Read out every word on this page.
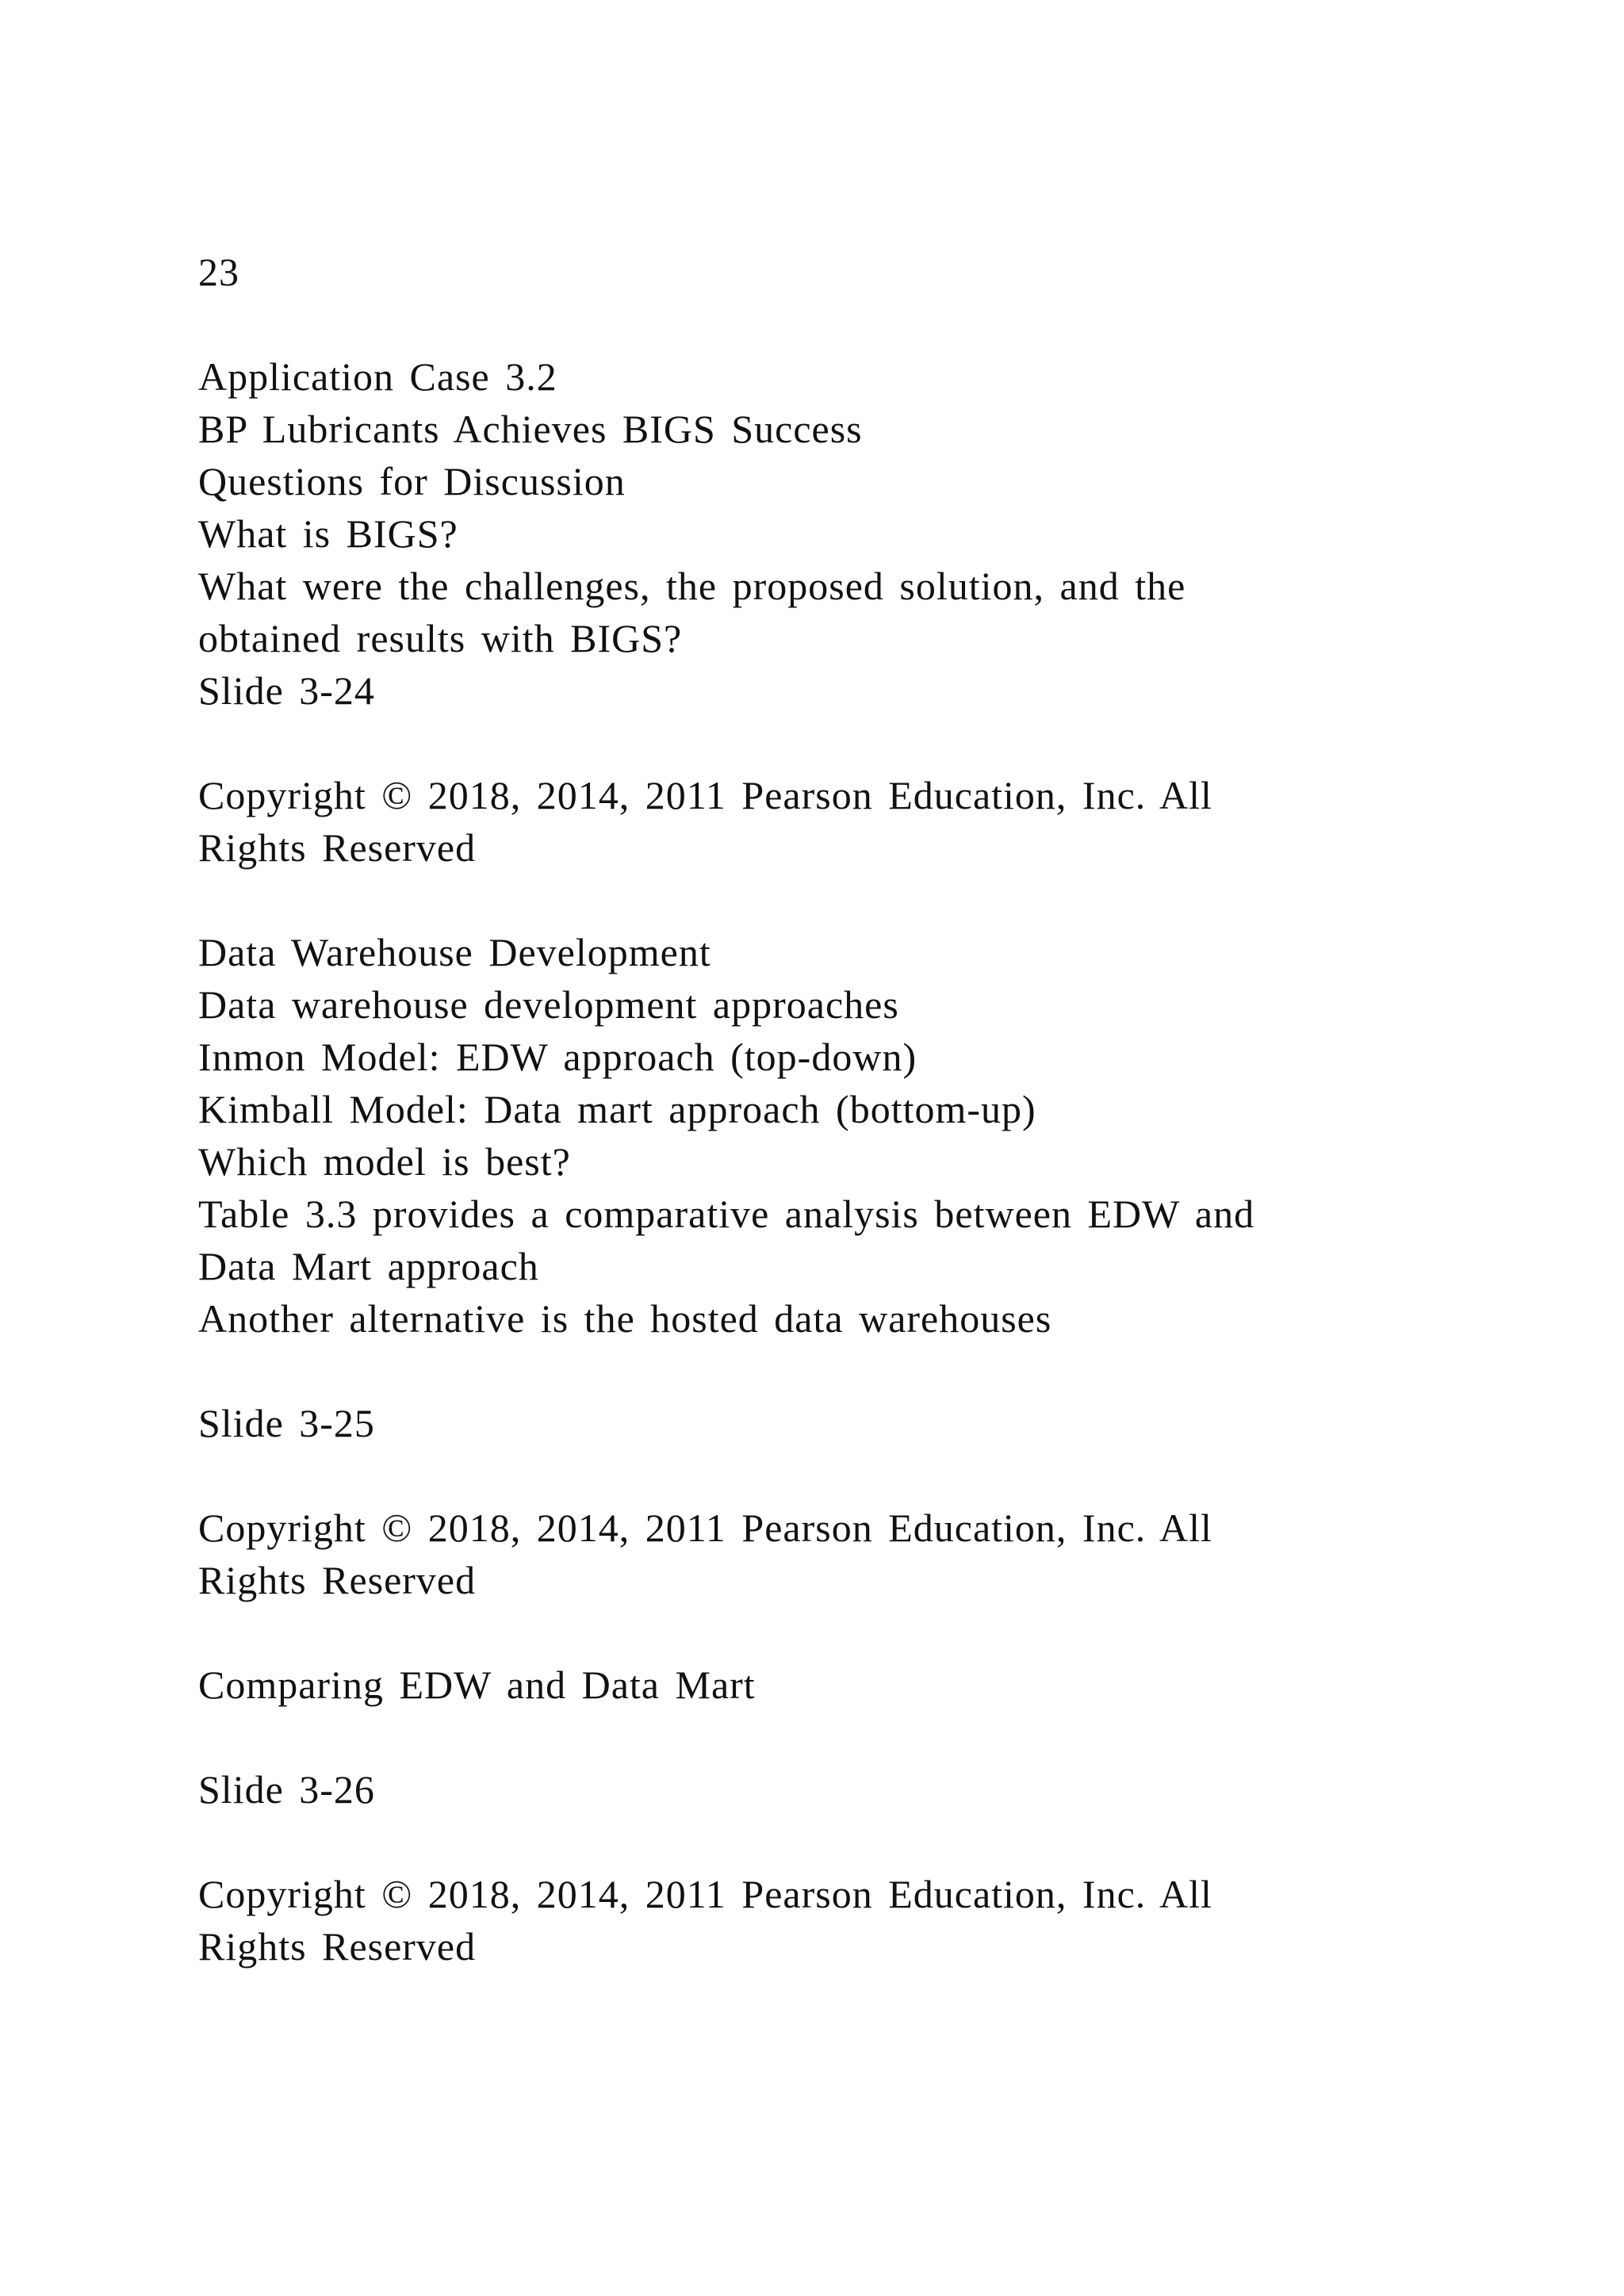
23
Application Case 3.2
BP Lubricants Achieves BIGS Success
Questions for Discussion
What is BIGS?
What were the challenges, the proposed solution, and the
obtained results with BIGS?
Slide 3-24
Copyright © 2018, 2014, 2011 Pearson Education, Inc. All
Rights Reserved
Data Warehouse Development
Data warehouse development approaches
Inmon Model: EDW approach (top-down)
Kimball Model: Data mart approach (bottom-up)
Which model is best?
Table 3.3 provides a comparative analysis between EDW and
Data Mart approach
Another alternative is the hosted data warehouses
Slide 3-25
Copyright © 2018, 2014, 2011 Pearson Education, Inc. All
Rights Reserved
Comparing EDW and Data Mart
Slide 3-26
Copyright © 2018, 2014, 2011 Pearson Education, Inc. All
Rights Reserved
